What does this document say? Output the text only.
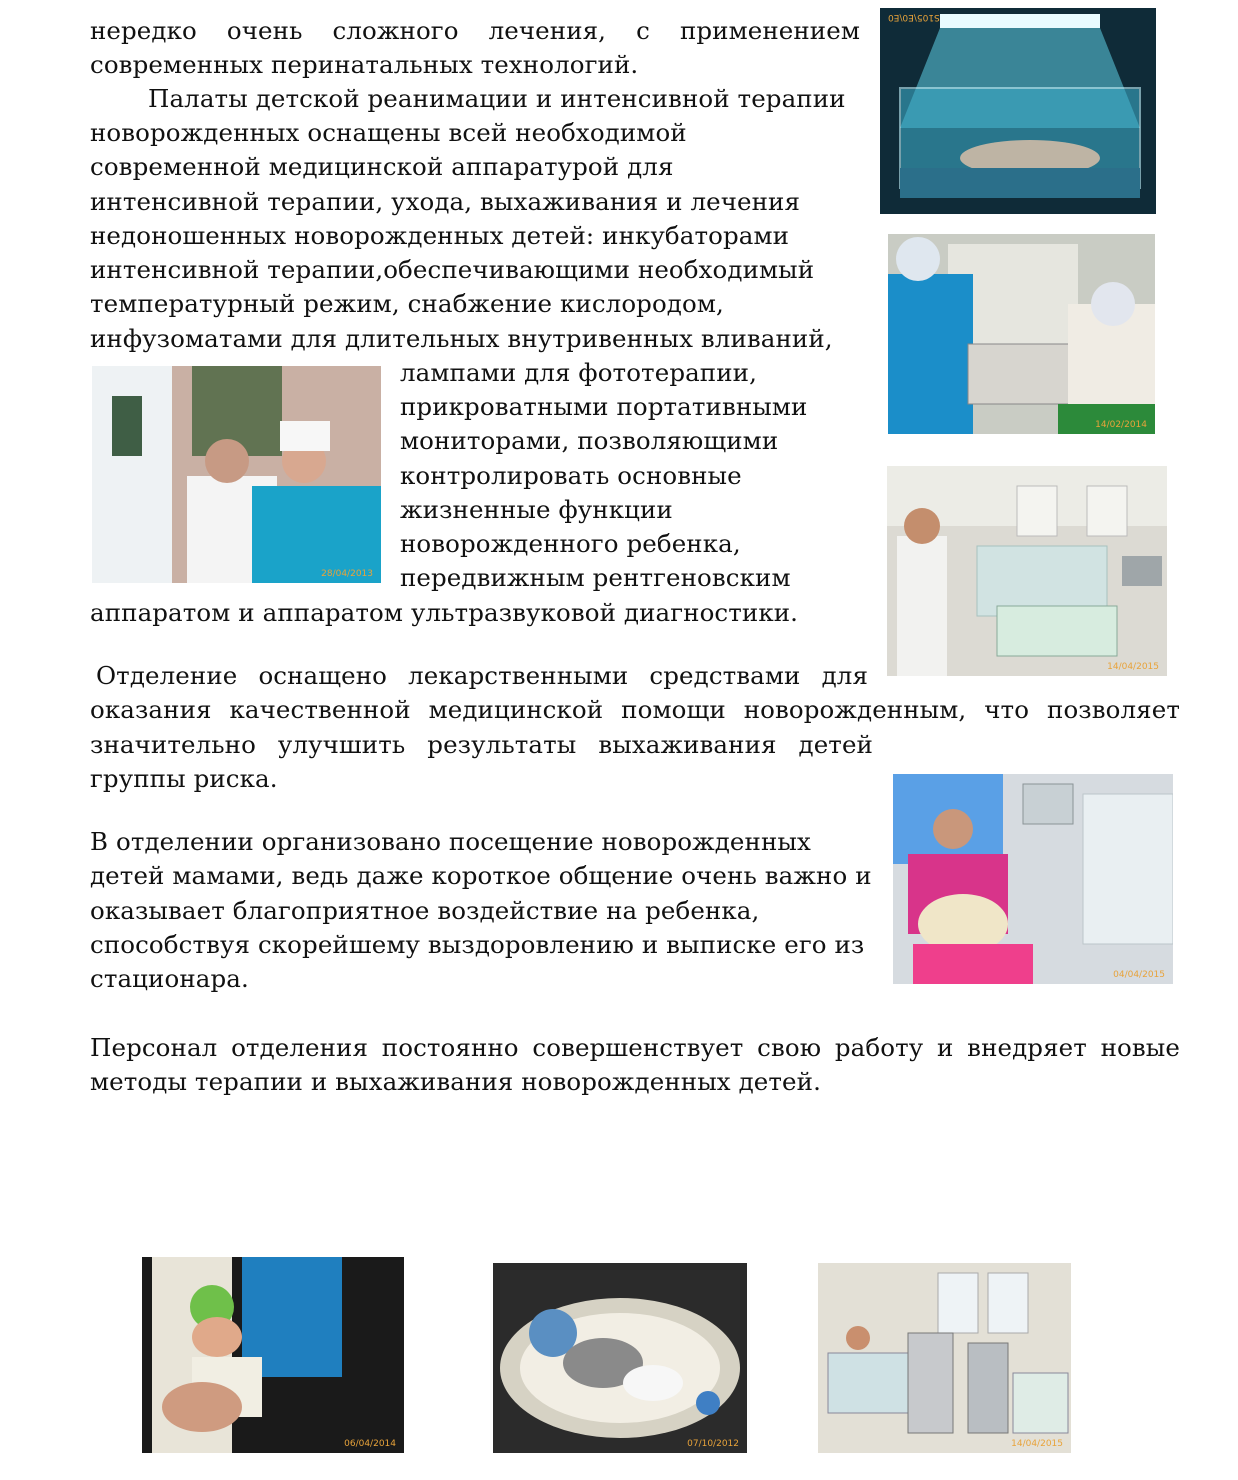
нередко очень сложного лечения, с применением
современных перинатальных технологий.
Палаты детской реанимации и интенсивной терапии
новорожденных оснащены всей необходимой
современной медицинской аппаратурой для
интенсивной терапии, ухода, выхаживания и лечения
недоношенных новорожденных детей: инкубаторами
интенсивной терапии,обеспечивающими необходимый
температурный режим, снабжение кислородом,
инфузоматами для длительных внутривенных вливаний,
лампами для фототерапии,
прикроватными портативными
мониторами, позволяющими
контролировать основные
жизненные функции
новорожденного ребенка,
передвижным рентгеновским
аппаратом и аппаратом ультразвуковой диагностики.
Отделение оснащено лекарственными средствами для
оказания качественной медицинской помощи новорожденным, что позволяет
значительно улучшить результаты выхаживания детей
группы риска.
В отделении организовано посещение новорожденных
детей мамами, ведь даже короткое общение очень важно и
оказывает благоприятное воздействие на ребенка,
способствуя скорейшему выздоровлению и выписке его из
стационара.
Персонал отделения постоянно совершенствует свою работу и внедряет новые
методы терапии и выхаживания новорожденных детей.
S105\E0\E0
14/02/2014
28/04/2013
14/04/2015
04/04/2015
06/04/2014	07/10/2012	14/04/2015
